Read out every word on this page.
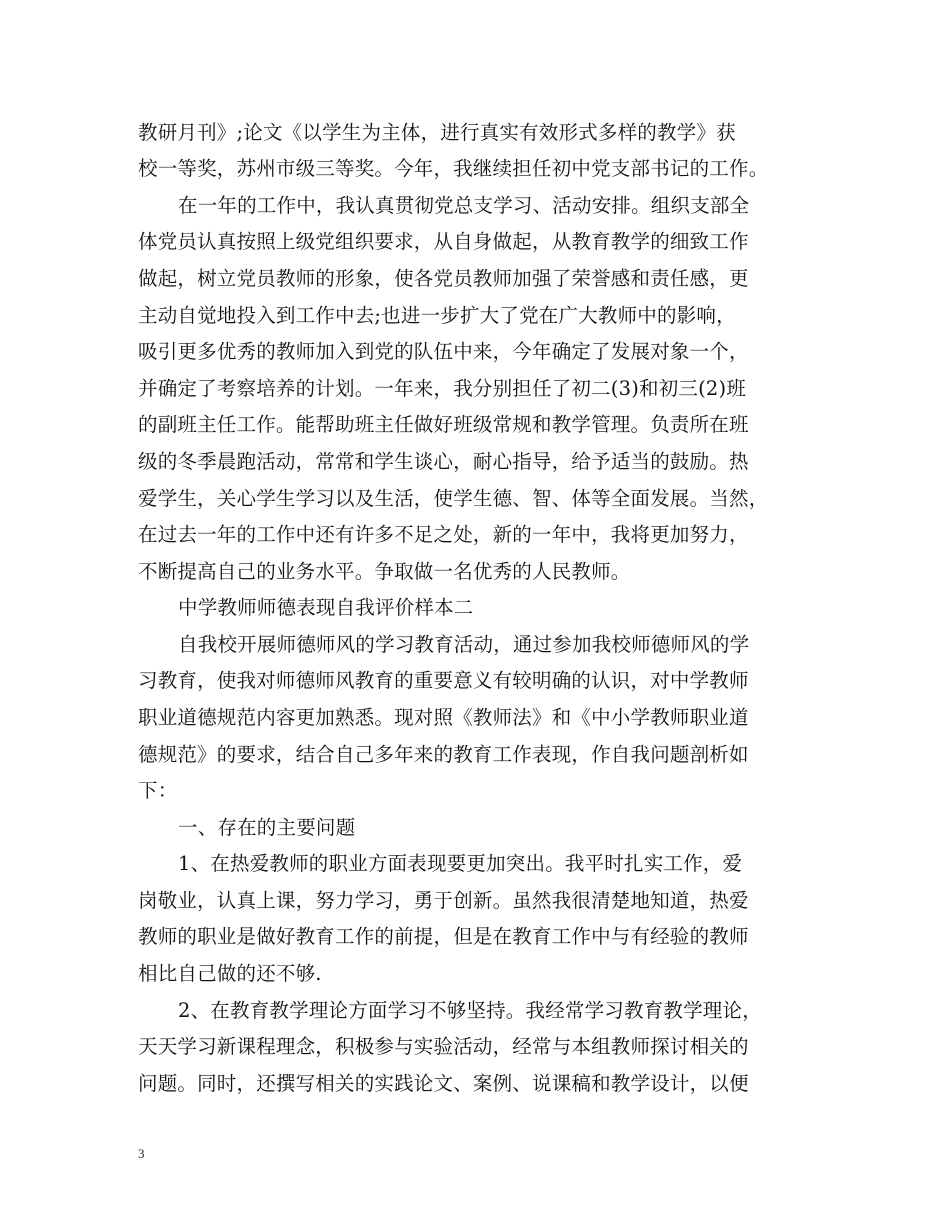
教研月刊》;论文《以学生为主体，进行真实有效形式多样的教学》获
校一等奖，苏州市级三等奖。今年，我继续担任初中党支部书记的工作。
在一年的工作中，我认真贯彻党总支学习、活动安排。组织支部全
体党员认真按照上级党组织要求，从自身做起，从教育教学的细致工作
做起，树立党员教师的形象，使各党员教师加强了荣誉感和责任感，更
主动自觉地投入到工作中去;也进一步扩大了党在广大教师中的影响，
吸引更多优秀的教师加入到党的队伍中来，今年确定了发展对象一个，
并确定了考察培养的计划。一年来，我分别担任了初二(3)和初三(2)班
的副班主任工作。能帮助班主任做好班级常规和教学管理。负责所在班
级的冬季晨跑活动，常常和学生谈心，耐心指导，给予适当的鼓励。热
爱学生，关心学生学习以及生活，使学生德、智、体等全面发展。当然，
在过去一年的工作中还有许多不足之处，新的一年中，我将更加努力，
不断提高自己的业务水平。争取做一名优秀的人民教师。
中学教师师德表现自我评价样本二
自我校开展师德师风的学习教育活动，通过参加我校师德师风的学
习教育，使我对师德师风教育的重要意义有较明确的认识，对中学教师
职业道德规范内容更加熟悉。现对照《教师法》和《中小学教师职业道
德规范》的要求，结合自己多年来的教育工作表现，作自我问题剖析如
下：
一、存在的主要问题
1、在热爱教师的职业方面表现要更加突出。我平时扎实工作，爱
岗敬业，认真上课，努力学习，勇于创新。虽然我很清楚地知道，热爱
教师的职业是做好教育工作的前提，但是在教育工作中与有经验的教师
相比自己做的还不够.
2、在教育教学理论方面学习不够坚持。我经常学习教育教学理论，
天天学习新课程理念，积极参与实验活动，经常与本组教师探讨相关的
问题。同时，还撰写相关的实践论文、案例、说课稿和教学设计，以便
3
